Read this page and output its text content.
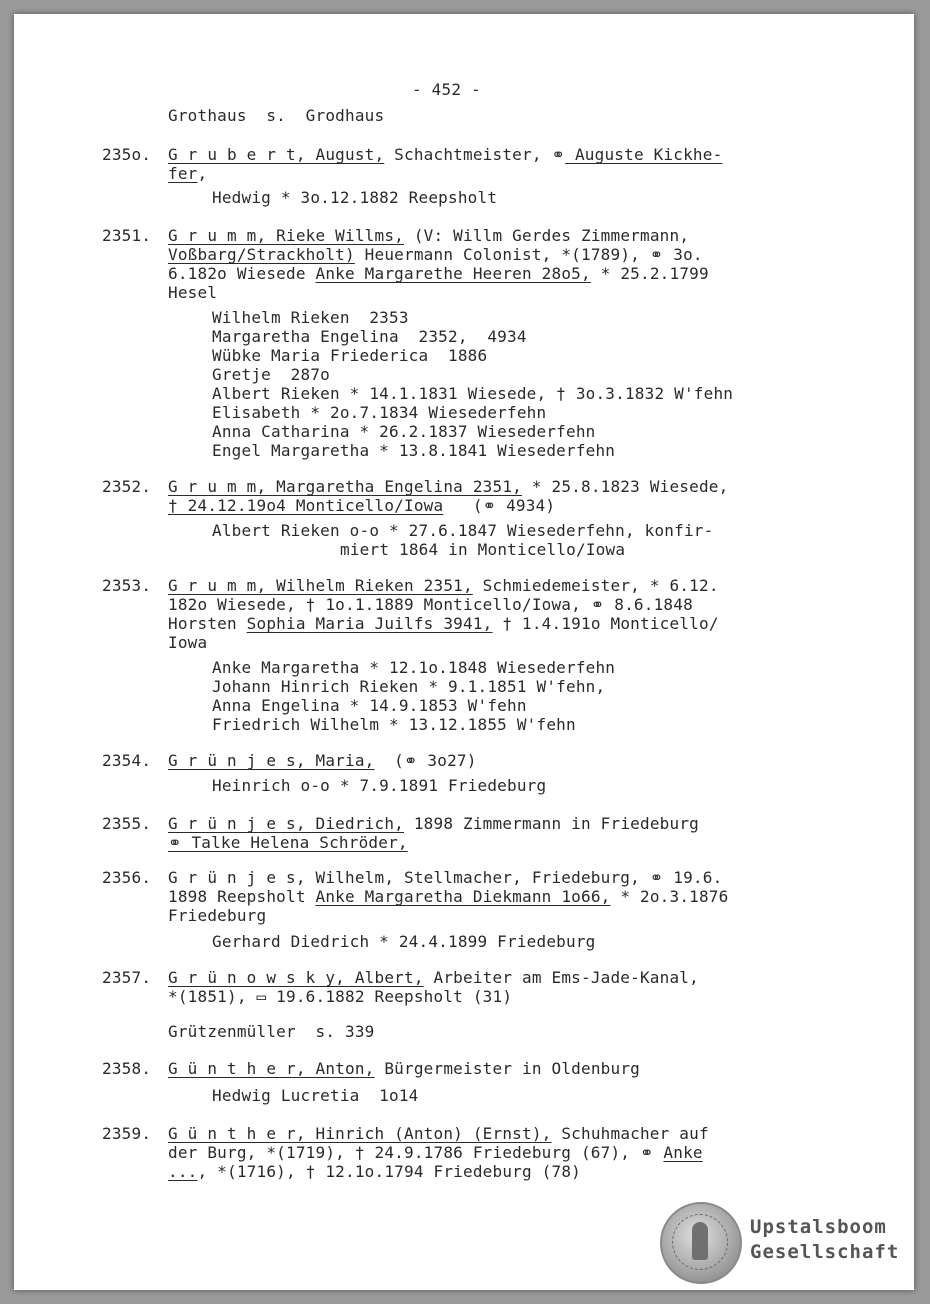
- 452 -
Grothaus  s.  Grodhaus
235o. G r u b e r t, August, Schachtmeister, ⚭ Auguste Kickhe-
fer,
Hedwig * 3o.12.1882 Reepsholt
2351. G r u m m, Rieke Willms, (V: Willm Gerdes Zimmermann,
Voßbarg/Strackholt) Heuermann Colonist, *(1789), ⚭ 3o.
6.182o Wiesede Anke Margarethe Heeren 28o5, * 25.2.1799
Hesel
Wilhelm Rieken  2353
Margaretha Engelina  2352,  4934
Wübke Maria Friederica  1886
Gretje  287o
Albert Rieken * 14.1.1831 Wiesede, † 3o.3.1832 W'fehn
Elisabeth * 2o.7.1834 Wiesederfehn
Anna Catharina * 26.2.1837 Wiesederfehn
Engel Margaretha * 13.8.1841 Wiesederfehn
2352. G r u m m, Margaretha Engelina 2351, * 25.8.1823 Wiesede,
† 24.12.19o4 Monticello/Iowa   (⚭ 4934)
Albert Rieken o-o * 27.6.1847 Wiesederfehn, konfir-
miert 1864 in Monticello/Iowa
2353. G r u m m, Wilhelm Rieken 2351, Schmiedemeister, * 6.12.
182o Wiesede, † 1o.1.1889 Monticello/Iowa, ⚭ 8.6.1848
Horsten Sophia Maria Juilfs 3941, † 1.4.191o Monticello/
Iowa
Anke Margaretha * 12.1o.1848 Wiesederfehn
Johann Hinrich Rieken * 9.1.1851 W'fehn,
Anna Engelina * 14.9.1853 W'fehn
Friedrich Wilhelm * 13.12.1855 W'fehn
2354. G r ü n j e s, Maria,  (⚭ 3o27)
Heinrich o-o * 7.9.1891 Friedeburg
2355. G r ü n j e s, Diedrich, 1898 Zimmermann in Friedeburg
⚭ Talke Helena Schröder,
2356. G r ü n j e s, Wilhelm, Stellmacher, Friedeburg, ⚭ 19.6.
1898 Reepsholt Anke Margaretha Diekmann 1o66, * 2o.3.1876
Friedeburg
Gerhard Diedrich * 24.4.1899 Friedeburg
2357. G r ü n o w s k y, Albert, Arbeiter am Ems-Jade-Kanal,
*(1851), ▭ 19.6.1882 Reepsholt (31)
Grützenmüller  s. 339
2358. G ü n t h e r, Anton, Bürgermeister in Oldenburg
Hedwig Lucretia  1o14
2359. G ü n t h e r, Hinrich (Anton) (Ernst), Schuhmacher auf
der Burg, *(1719), † 24.9.1786 Friedeburg (67), ⚭ Anke
..., *(1716), † 12.1o.1794 Friedeburg (78)
Upstalsboom
Gesellschaft
